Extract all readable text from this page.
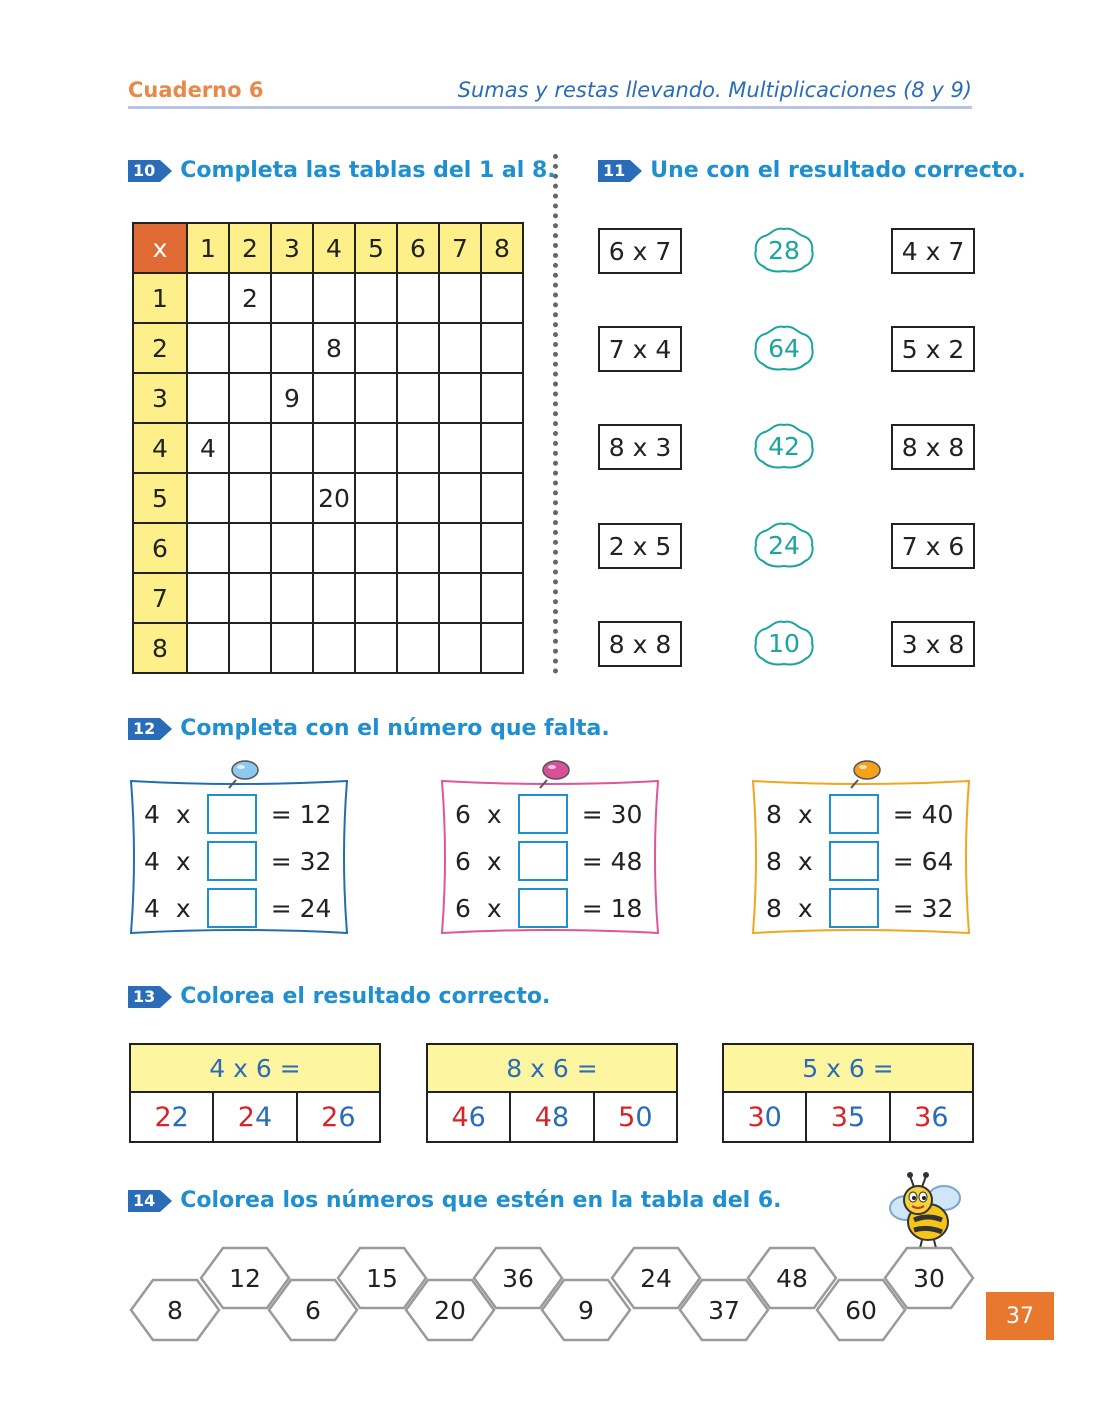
Cuaderno 6	Sumas y restas llevando. Multiplicaciones (8 y 9)
10 Completa las tablas del 1 al 8.
x	1	2	3	4	5	6	7	8
1		2						
2				8				
3			9					
4	4							
5				20				
6								
7								
8								
11 Une con el resultado correcto.
6 x 7
7 x 4
8 x 3
2 x 5
8 x 8
4 x 7
5 x 2
8 x 8
7 x 6
3 x 8
28
64
42
24
10
12 Completa con el número que falta.
4 x	= 12
4 x	= 32
4 x	= 24
6 x	= 30
6 x	= 48
6 x	= 18
8 x	= 40
8 x	= 64
8 x	= 32
13 Colorea el resultado correcto.
4 x 6 =
22 24 26
8 x 6 =
46 48 50
5 x 6 =
30 35 36
14 Colorea los números que estén en la tabla del 6.
8
12
6
15
20
36
9
24
37
48
60
30
37
